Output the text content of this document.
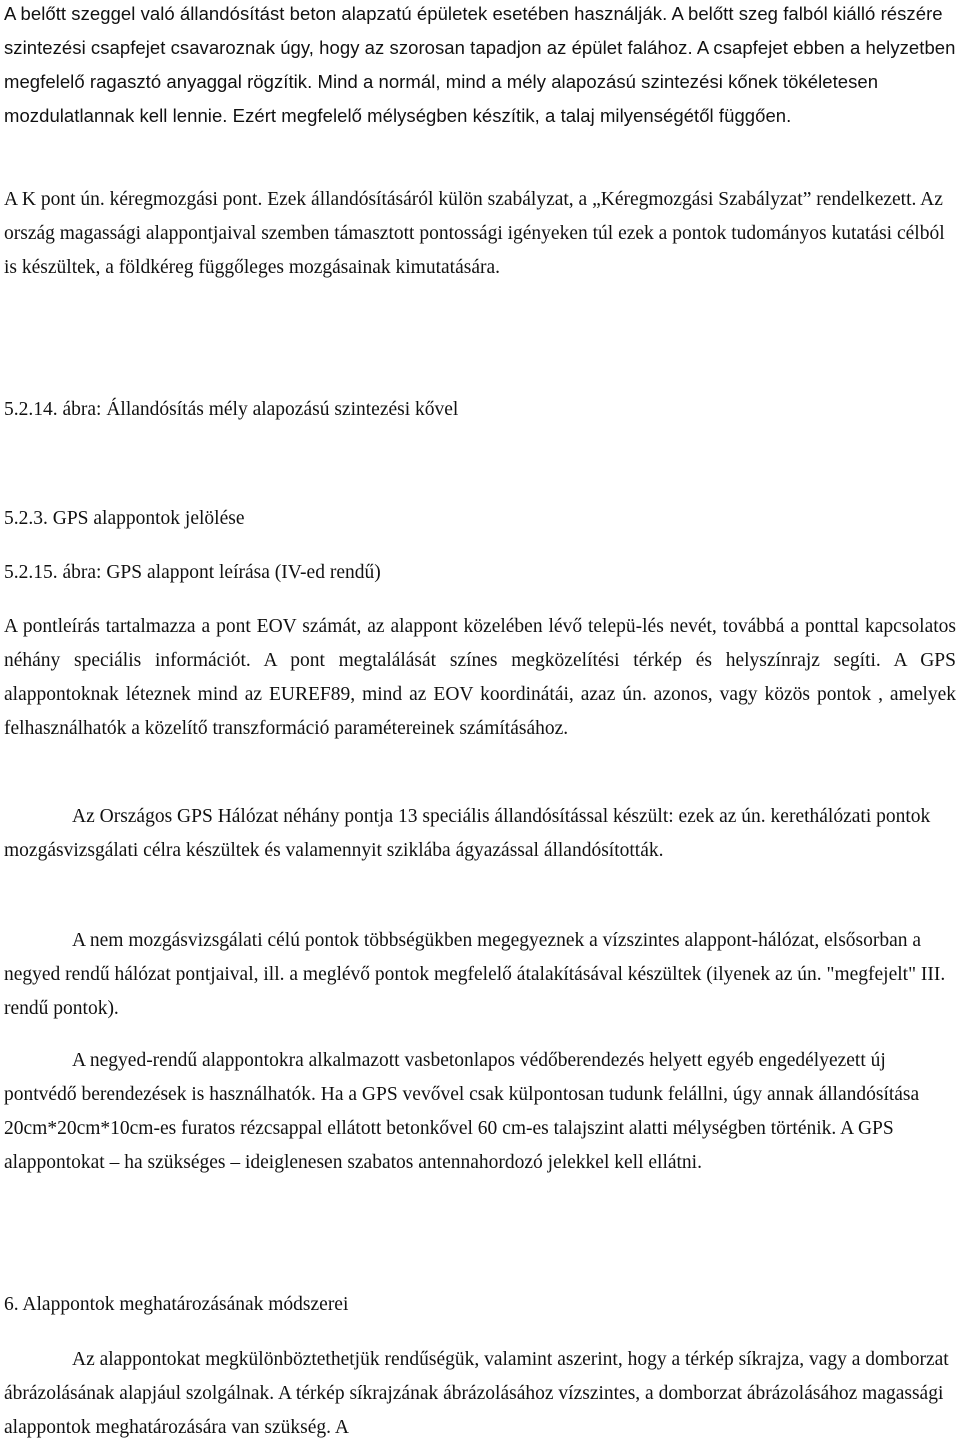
A belőtt szeggel való állandósítást beton alapzatú épületek esetében használják. A belőtt szeg falból kiálló részére szintezési csapfejet csavaroznak úgy, hogy az szorosan tapadjon az épület falához. A csapfejet ebben a helyzetben megfelelő ragasztó anyaggal rögzítik. Mind a normál, mind a mély alapozású szintezési kőnek tökéletesen mozdulatlannak kell lennie. Ezért megfelelő mélységben készítik, a talaj milyenségétől függően.

A K pont ún. kéregmozgási pont. Ezek állandósításáról külön szabályzat, a „Kéregmozgási Szabályzat” rendelkezett. Az ország magassági alappontjaival szemben támasztott pontossági igényeken túl ezek a pontok tudományos kutatási célból is készültek, a földkéreg függőleges mozgásainak kimutatására.

5.2.14. ábra: Állandósítás mély alapozású szintezési kővel

5.2.3. GPS alappontok jelölése

5.2.15. ábra: GPS alappont leírása (IV-ed rendű)

A pontleírás tartalmazza a pont EOV számát, az alappont közelében lévő telepü-lés nevét, továbbá a ponttal kapcsolatos néhány speciális információt. A pont megtalálását színes megközelítési térkép és helyszínrajz segíti. A GPS alappontoknak léteznek mind az EUREF89, mind az EOV koordinátái, azaz ún. azonos, vagy közös pontok , amelyek felhasználhatók a közelítő transzformáció paramétereinek számításához.

Az Országos GPS Hálózat néhány pontja 13 speciális állandósítással készült: ezek az ún. kerethálózati pontok mozgásvizsgálati célra készültek és valamennyit sziklába ágyazással állandósították.

A nem mozgásvizsgálati célú pontok többségükben megegyeznek a vízszintes alappont-hálózat, elsősorban a negyed rendű hálózat pontjaival, ill. a meglévő pontok megfelelő átalakításával készültek (ilyenek az ún. "megfejelt" III. rendű pontok).

A negyed-rendű alappontokra alkalmazott vasbetonlapos védőberendezés helyett egyéb engedélyezett új pontvédő berendezések is használhatók. Ha a GPS vevővel csak külpontosan tudunk felállni, úgy annak állandósítása 20cm*20cm*10cm-es furatos rézcsappal ellátott betonkővel 60 cm-es talajszint alatti mélységben történik. A GPS alappontokat – ha szükséges – ideiglenesen szabatos antennahordozó jelekkel kell ellátni.

6. Alappontok meghatározásának módszerei

Az alappontokat megkülönböztethetjük rendűségük, valamint aszerint, hogy a térkép síkrajza, vagy a domborzat ábrázolásának alapjául szolgálnak. A térkép síkrajzának ábrázolásához vízszintes, a domborzat ábrázolásához magassági alappontok meghatározására van szükség. A
